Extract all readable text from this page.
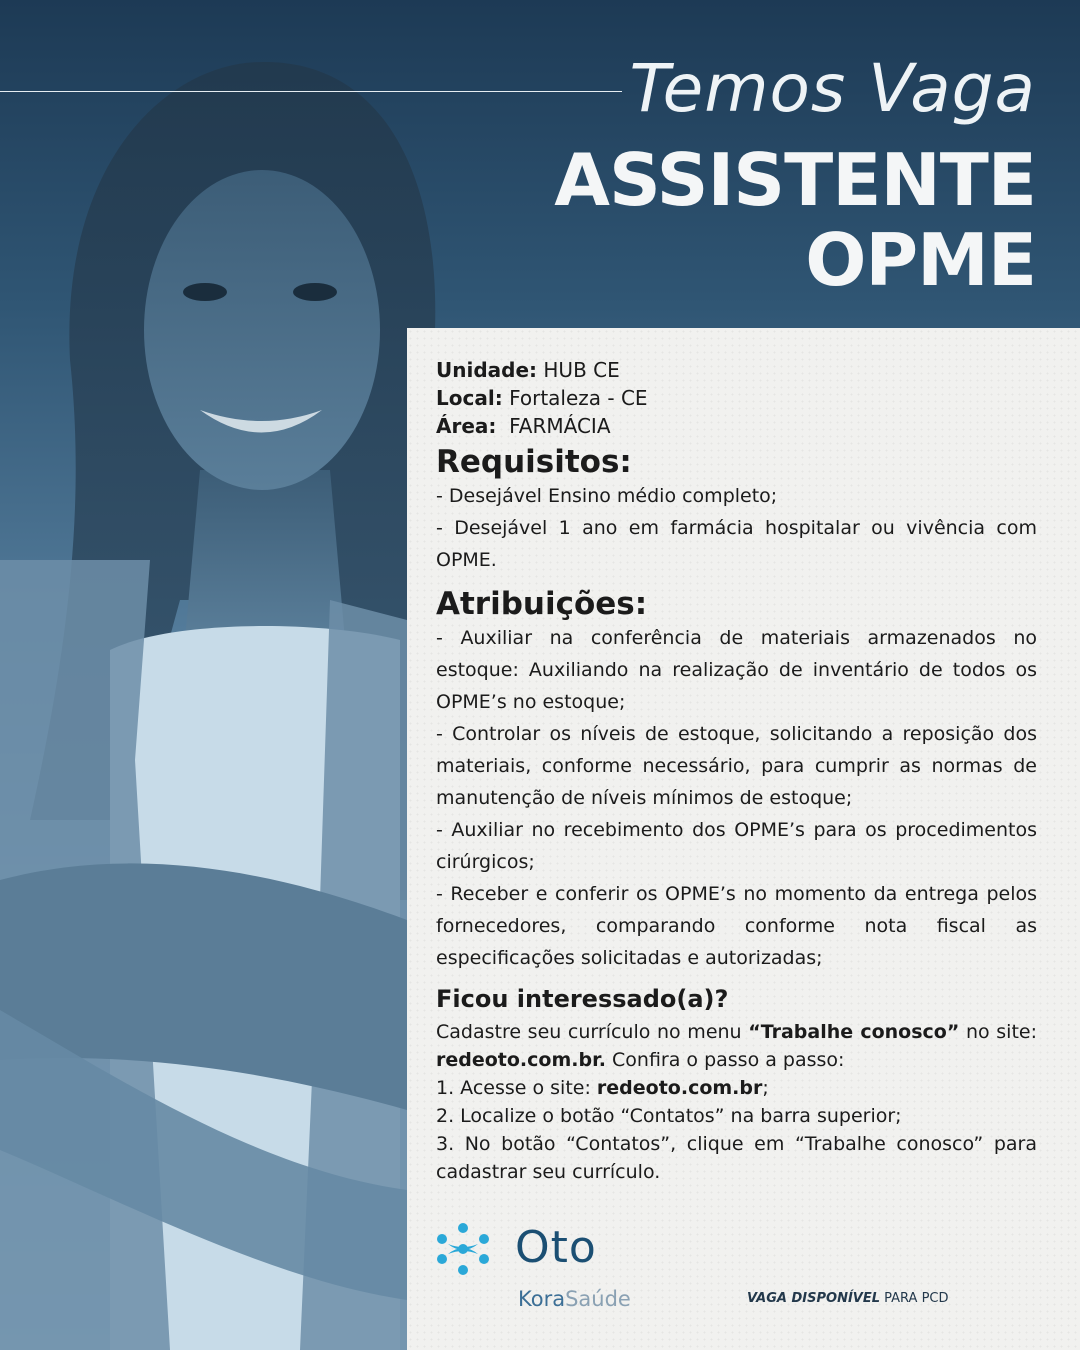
Temos Vaga
ASSISTENTE
OPME
Unidade: HUB CE
Local: Fortaleza - CE
Área: FARMÁCIA
Requisitos:

- Desejável Ensino médio completo;

- Desejável 1 ano em farmácia hospitalar ou vivência com OPME.

Atribuições:

- Auxiliar na conferência de materiais armazenados no estoque: Auxiliando na realização de inventário de todos os OPME’s no estoque;

- Controlar os níveis de estoque, solicitando a reposição dos materiais, conforme necessário, para cumprir as normas de manutenção de níveis mínimos de estoque;

- Auxiliar no recebimento dos OPME’s para os procedimentos cirúrgicos;

- Receber e conferir os OPME’s no momento da entrega pelos fornecedores, comparando conforme nota fiscal as especificações solicitadas e autorizadas;

Ficou interessado(a)?

Cadastre seu currículo no menu “Trabalhe conosco” no site: redeoto.com.br. Confira o passo a passo:

1. Acesse o site: redeoto.com.br;

2. Localize o botão “Contatos” na barra superior;

3. No botão “Contatos”, clique em “Trabalhe conosco” para cadastrar seu currículo.

Oto

KoraSaúde	VAGA DISPONÍVEL PARA PCD
